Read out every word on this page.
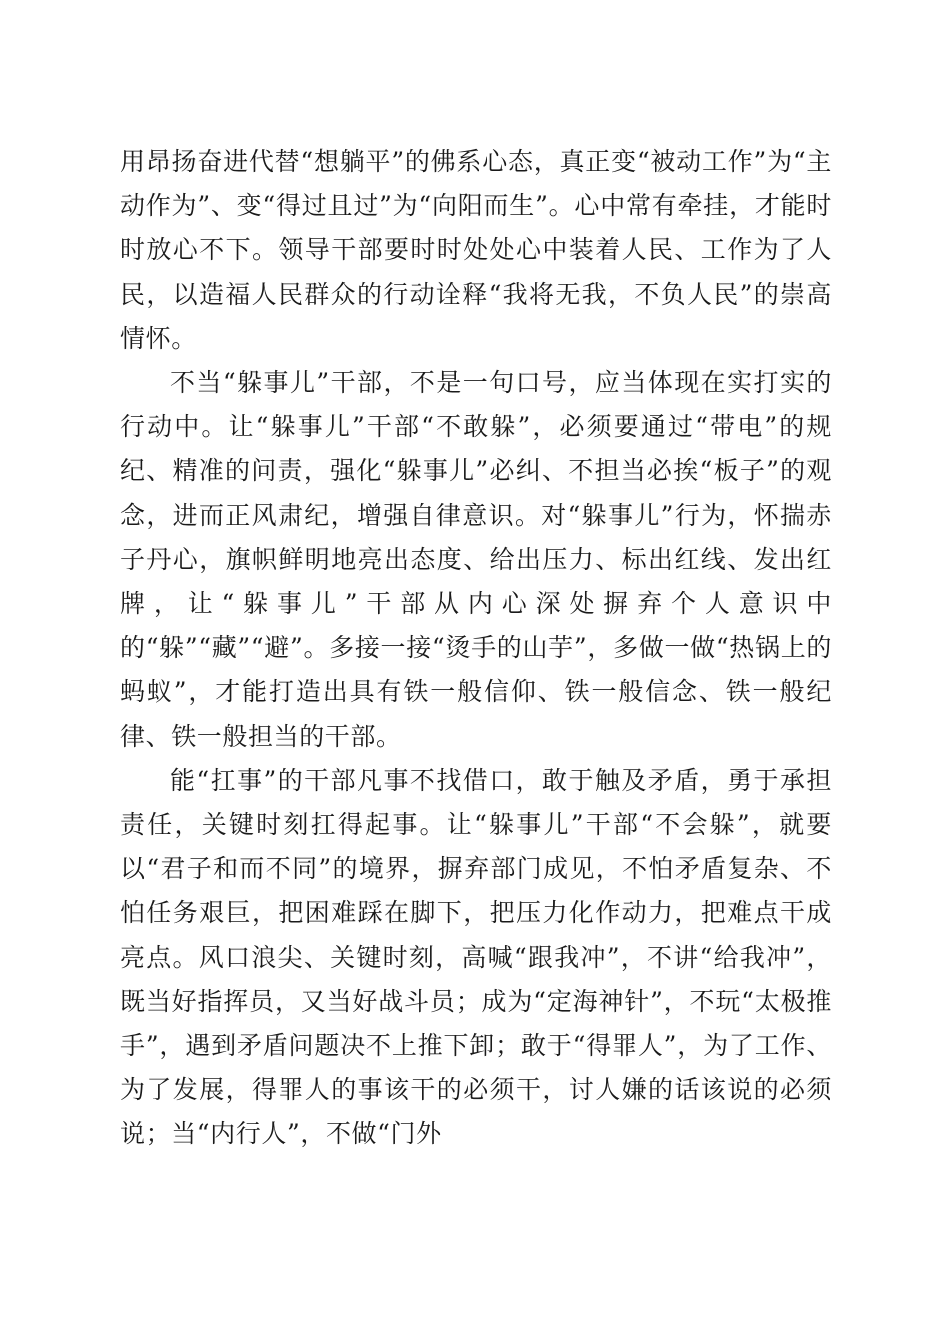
用昂扬奋进代替“想躺平”的佛系心态，真正变“被动工作”为“主动作为”、变“得过且过”为“向阳而生”。心中常有牵挂，才能时时放心不下。领导干部要时时处处心中装着人民、工作为了人民，以造福人民群众的行动诠释“我将无我，不负人民”的崇高情怀。

不当“躲事儿”干部，不是一句口号，应当体现在实打实的行动中。让“躲事儿”干部“不敢躲”，必须要通过“带电”的规纪、精准的问责，强化“躲事儿”必纠、不担当必挨“板子”的观念，进而正风肃纪，增强自律意识。对“躲事儿”行为，怀揣赤子丹心，旗帜鲜明地亮出态度、给出压力、标出红线、发出红牌，让“躲事儿”干部从内心深处摒弃个人意识中的“躲”“藏”“避”。多接一接“烫手的山芋”，多做一做“热锅上的蚂蚁”，才能打造出具有铁一般信仰、铁一般信念、铁一般纪律、铁一般担当的干部。

能“扛事”的干部凡事不找借口，敢于触及矛盾，勇于承担责任，关键时刻扛得起事。让“躲事儿”干部“不会躲”，就要以“君子和而不同”的境界，摒弃部门成见，不怕矛盾复杂、不怕任务艰巨，把困难踩在脚下，把压力化作动力，把难点干成亮点。风口浪尖、关键时刻，高喊“跟我冲”，不讲“给我冲”，既当好指挥员，又当好战斗员；成为“定海神针”，不玩“太极推手”，遇到矛盾问题决不上推下卸；敢于“得罪人”，为了工作、为了发展，得罪人的事该干的必须干，讨人嫌的话该说的必须说；当“内行人”，不做“门外
